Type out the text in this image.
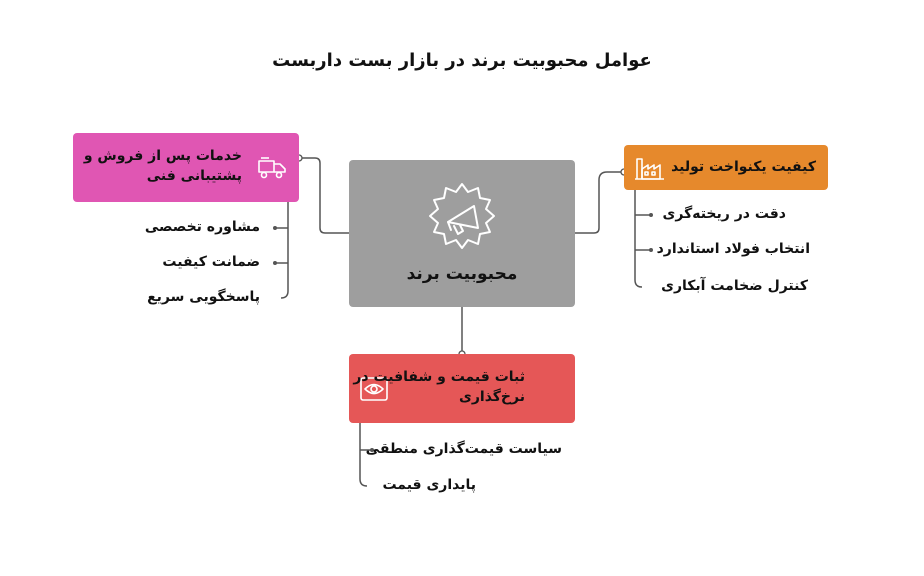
عوامل محبوبیت برند در بازار بست داربست
محبوبیت برند
خدمات پس از فروش و
پشتیبانی فنی
مشاوره تخصصی
ضمانت کیفیت
پاسخگویی سریع
کیفیت یکنواخت تولید
دقت در ریخته‌گری
انتخاب فولاد استاندارد
کنترل ضخامت آبکاری
ثبات قیمت و شفافیت در
نرخ‌گذاری
سیاست قیمت‌گذاری منطقی
پایداری قیمت
